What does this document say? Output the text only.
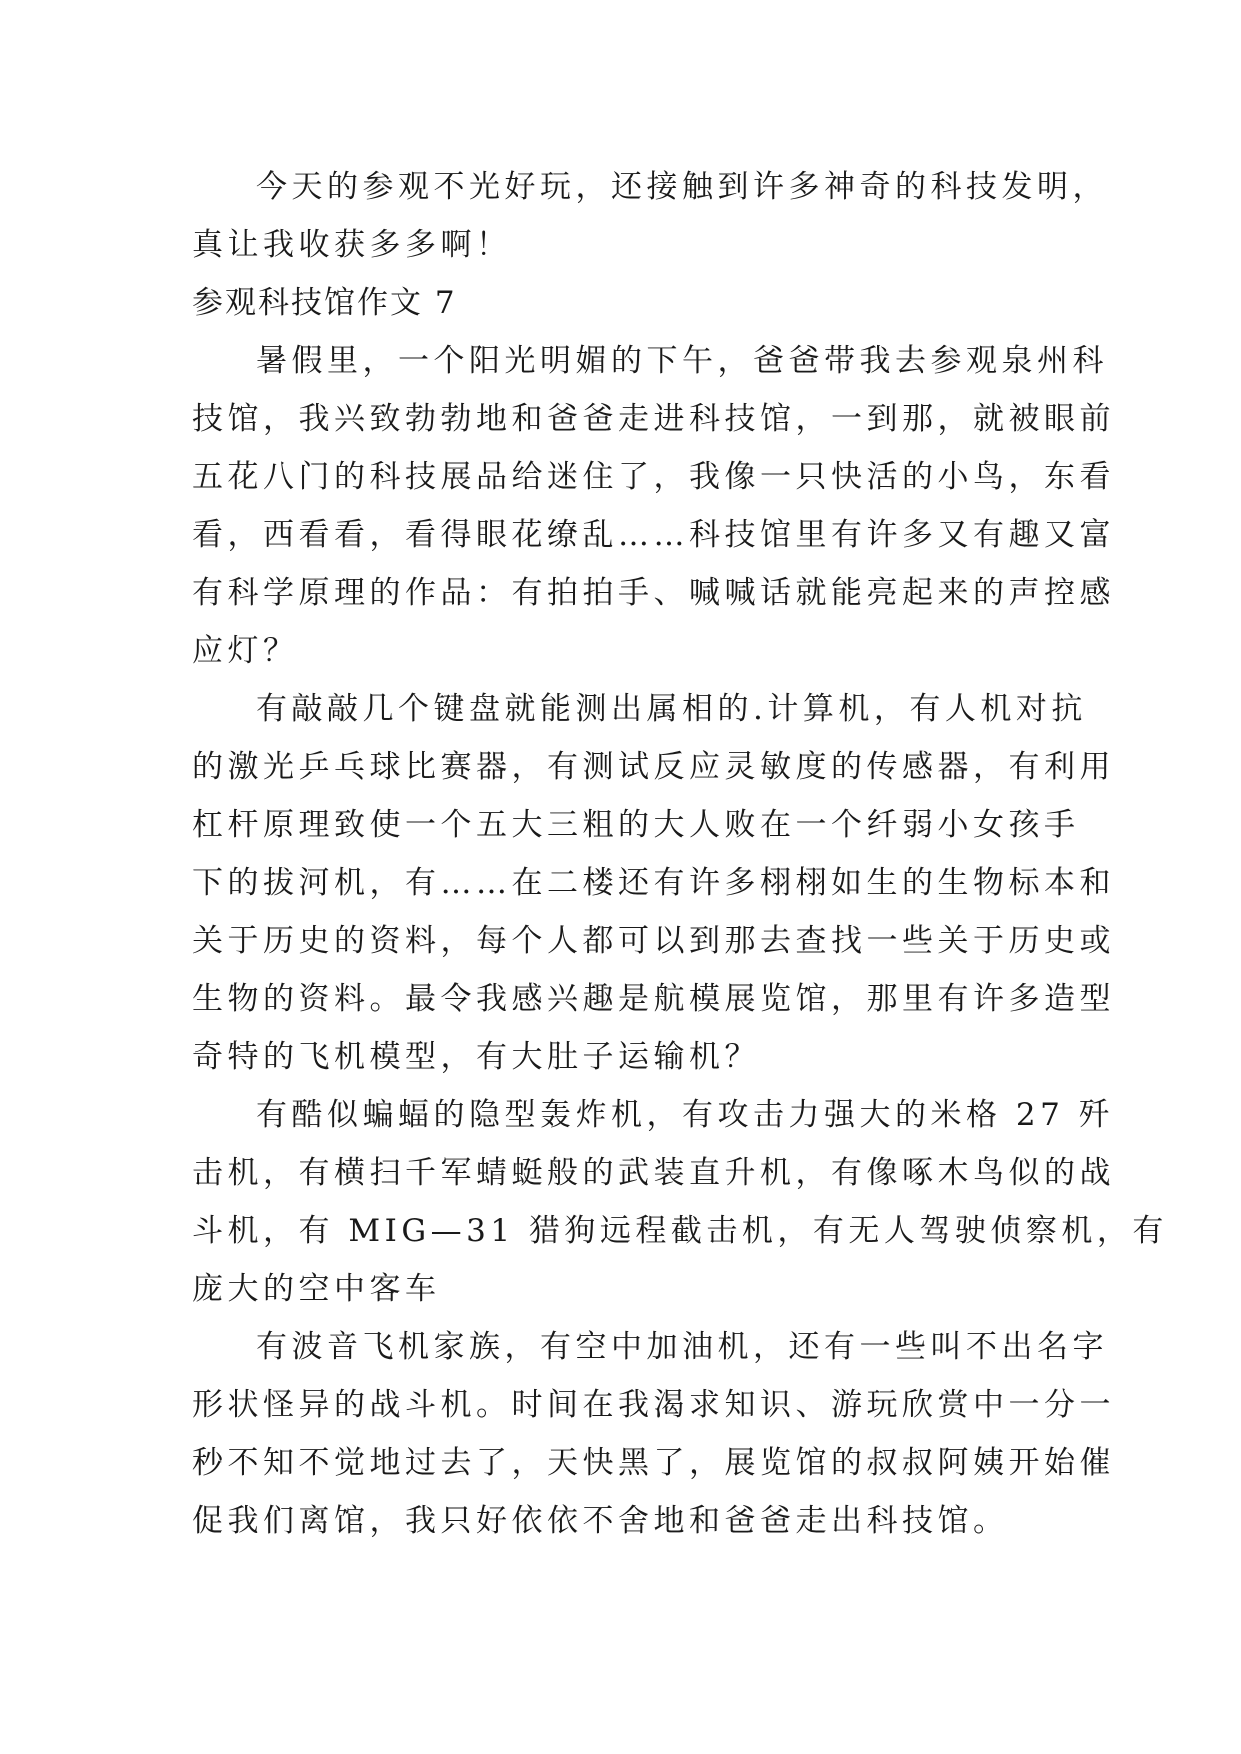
今天的参观不光好玩，还接触到许多神奇的科技发明，
真让我收获多多啊！
参观科技馆作文 7
暑假里，一个阳光明媚的下午，爸爸带我去参观泉州科
技馆，我兴致勃勃地和爸爸走进科技馆，一到那，就被眼前
五花八门的科技展品给迷住了，我像一只快活的小鸟，东看
看，西看看，看得眼花缭乱……科技馆里有许多又有趣又富
有科学原理的作品：有拍拍手、喊喊话就能亮起来的声控感
应灯？
有敲敲几个键盘就能测出属相的.计算机，有人机对抗
的激光乒乓球比赛器，有测试反应灵敏度的传感器，有利用
杠杆原理致使一个五大三粗的大人败在一个纤弱小女孩手
下的拔河机，有……在二楼还有许多栩栩如生的生物标本和
关于历史的资料，每个人都可以到那去查找一些关于历史或
生物的资料。最令我感兴趣是航模展览馆，那里有许多造型
奇特的飞机模型，有大肚子运输机？
有酷似蝙蝠的隐型轰炸机，有攻击力强大的米格 27 歼
击机，有横扫千军蜻蜓般的武装直升机，有像啄木鸟似的战
斗机，有 MIG—31 猎狗远程截击机，有无人驾驶侦察机，有
庞大的空中客车
有波音飞机家族，有空中加油机，还有一些叫不出名字
形状怪异的战斗机。时间在我渴求知识、游玩欣赏中一分一
秒不知不觉地过去了，天快黑了，展览馆的叔叔阿姨开始催
促我们离馆，我只好依依不舍地和爸爸走出科技馆。
